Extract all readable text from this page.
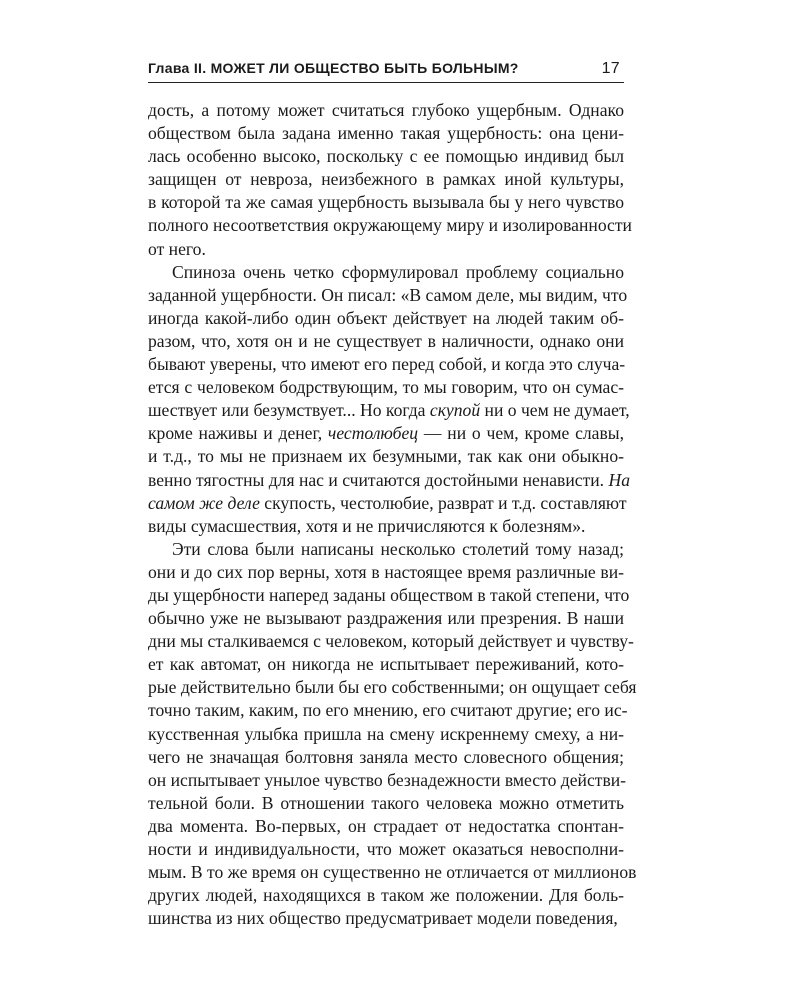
Глава II. МОЖЕТ ЛИ ОБЩЕСТВО БЫТЬ БОЛЬНЫМ?	17
дость, а потому может считаться глубоко ущербным. Однако
обществом была задана именно такая ущербность: она цени-
лась особенно высоко, поскольку с ее помощью индивид был
защищен от невроза, неизбежного в рамках иной культуры,
в которой та же самая ущербность вызывала бы у него чувство
полного несоответствия окружающему миру и изолированности
от него.
Спиноза очень четко сформулировал проблему социально
заданной ущербности. Он писал: «В самом деле, мы видим, что
иногда какой-либо один объект действует на людей таким об-
разом, что, хотя он и не существует в наличности, однако они
бывают уверены, что имеют его перед собой, и когда это случа-
ется с человеком бодрствующим, то мы говорим, что он сумас-
шествует или безумствует... Но когда скупой ни о чем не думает,
кроме наживы и денег, честолюбец — ни о чем, кроме славы,
и т.д., то мы не признаем их безумными, так как они обыкно-
венно тягостны для нас и считаются достойными ненависти. На
самом же деле скупость, честолюбие, разврат и т.д. составляют
виды сумасшествия, хотя и не причисляются к болезням».
Эти слова были написаны несколько столетий тому назад;
они и до сих пор верны, хотя в настоящее время различные ви-
ды ущербности наперед заданы обществом в такой степени, что
обычно уже не вызывают раздражения или презрения. В наши
дни мы сталкиваемся с человеком, который действует и чувству-
ет как автомат, он никогда не испытывает переживаний, кото-
рые действительно были бы его собственными; он ощущает себя
точно таким, каким, по его мнению, его считают другие; его ис-
кусственная улыбка пришла на смену искреннему смеху, а ни-
чего не значащая болтовня заняла место словесного общения;
он испытывает унылое чувство безнадежности вместо действи-
тельной боли. В отношении такого человека можно отметить
два момента. Во-первых, он страдает от недостатка спонтан-
ности и индивидуальности, что может оказаться невосполни-
мым. В то же время он существенно не отличается от миллионов
других людей, находящихся в таком же положении. Для боль-
шинства из них общество предусматривает модели поведения,
